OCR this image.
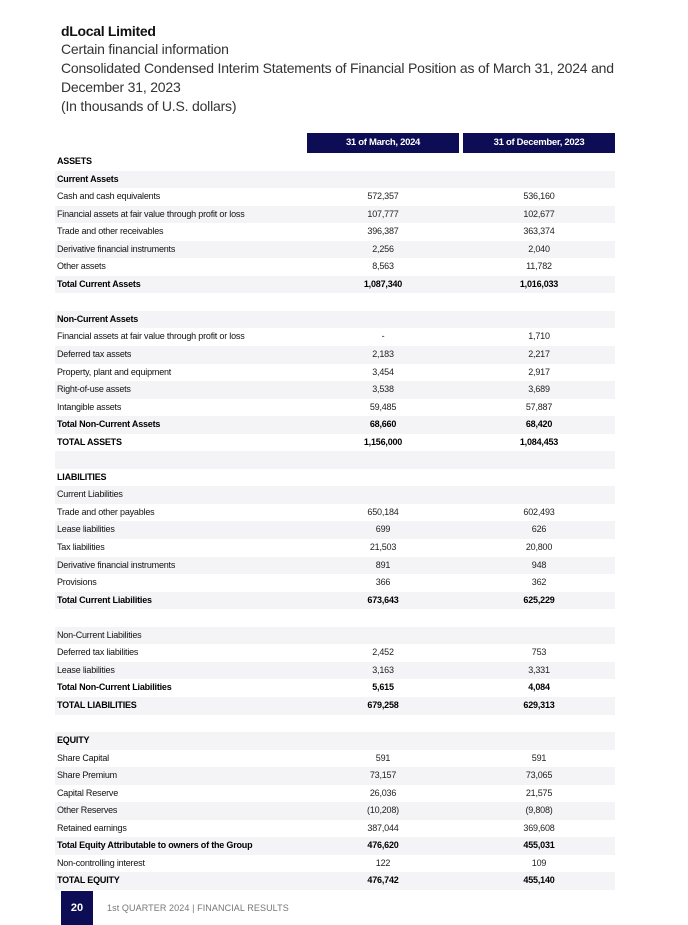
dLocal Limited
Certain financial information
Consolidated Condensed Interim Statements of Financial Position as of March 31, 2024 and December 31, 2023
(In thousands of U.S. dollars)
31 of March, 2024	31 of December, 2023
ASSETS
Current Assets
Cash and cash equivalents	572,357	536,160
Financial assets at fair value through profit or loss	107,777	102,677
Trade and other receivables	396,387	363,374
Derivative financial instruments	2,256	2,040
Other assets	8,563	11,782
Total Current Assets	1,087,340	1,016,033
Non-Current Assets
Financial assets at fair value through profit or loss	-	1,710
Deferred tax assets	2,183	2,217
Property, plant and equipment	3,454	2,917
Right-of-use assets	3,538	3,689
Intangible assets	59,485	57,887
Total Non-Current Assets	68,660	68,420
TOTAL ASSETS	1,156,000	1,084,453
LIABILITIES
Current Liabilities
Trade and other payables	650,184	602,493
Lease liabilities	699	626
Tax liabilities	21,503	20,800
Derivative financial instruments	891	948
Provisions	366	362
Total Current Liabilities	673,643	625,229
Non-Current Liabilities
Deferred tax liabilities	2,452	753
Lease liabilities	3,163	3,331
Total Non-Current Liabilities	5,615	4,084
TOTAL LIABILITIES	679,258	629,313
EQUITY
Share Capital	591	591
Share Premium	73,157	73,065
Capital Reserve	26,036	21,575
Other Reserves	(10,208)	(9,808)
Retained earnings	387,044	369,608
Total Equity Attributable to owners of the Group	476,620	455,031
Non-controlling interest	122	109
TOTAL EQUITY	476,742	455,140
20	1st QUARTER 2024 | FINANCIAL RESULTS
